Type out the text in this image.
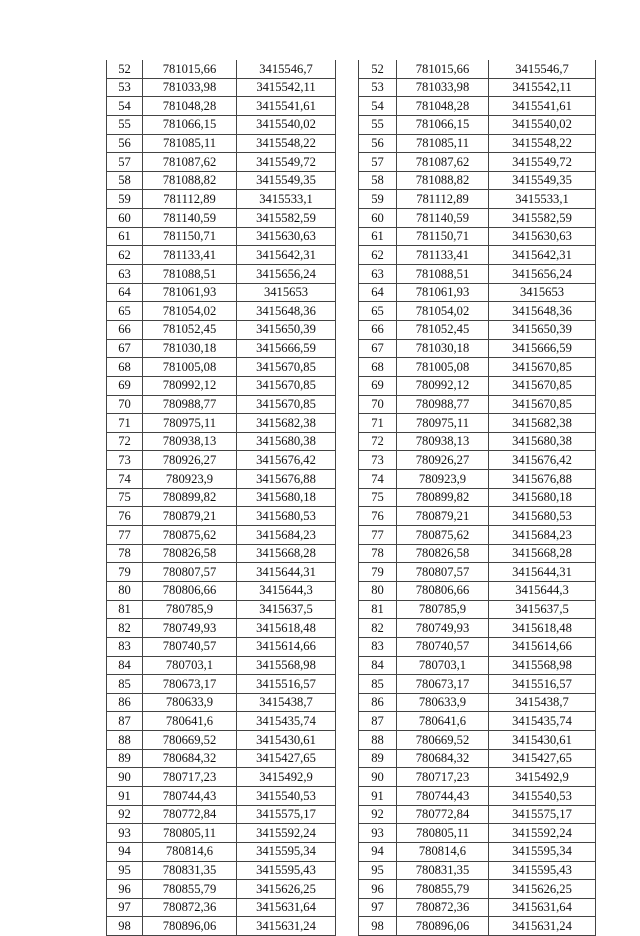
52	781015,66	3415546,7
53	781033,98	3415542,11
54	781048,28	3415541,61
55	781066,15	3415540,02
56	781085,11	3415548,22
57	781087,62	3415549,72
58	781088,82	3415549,35
59	781112,89	3415533,1
60	781140,59	3415582,59
61	781150,71	3415630,63
62	781133,41	3415642,31
63	781088,51	3415656,24
64	781061,93	3415653
65	781054,02	3415648,36
66	781052,45	3415650,39
67	781030,18	3415666,59
68	781005,08	3415670,85
69	780992,12	3415670,85
70	780988,77	3415670,85
71	780975,11	3415682,38
72	780938,13	3415680,38
73	780926,27	3415676,42
74	780923,9	3415676,88
75	780899,82	3415680,18
76	780879,21	3415680,53
77	780875,62	3415684,23
78	780826,58	3415668,28
79	780807,57	3415644,31
80	780806,66	3415644,3
81	780785,9	3415637,5
82	780749,93	3415618,48
83	780740,57	3415614,66
84	780703,1	3415568,98
85	780673,17	3415516,57
86	780633,9	3415438,7
87	780641,6	3415435,74
88	780669,52	3415430,61
89	780684,32	3415427,65
90	780717,23	3415492,9
91	780744,43	3415540,53
92	780772,84	3415575,17
93	780805,11	3415592,24
94	780814,6	3415595,34
95	780831,35	3415595,43
96	780855,79	3415626,25
97	780872,36	3415631,64
98	780896,06	3415631,24
52	781015,66	3415546,7
53	781033,98	3415542,11
54	781048,28	3415541,61
55	781066,15	3415540,02
56	781085,11	3415548,22
57	781087,62	3415549,72
58	781088,82	3415549,35
59	781112,89	3415533,1
60	781140,59	3415582,59
61	781150,71	3415630,63
62	781133,41	3415642,31
63	781088,51	3415656,24
64	781061,93	3415653
65	781054,02	3415648,36
66	781052,45	3415650,39
67	781030,18	3415666,59
68	781005,08	3415670,85
69	780992,12	3415670,85
70	780988,77	3415670,85
71	780975,11	3415682,38
72	780938,13	3415680,38
73	780926,27	3415676,42
74	780923,9	3415676,88
75	780899,82	3415680,18
76	780879,21	3415680,53
77	780875,62	3415684,23
78	780826,58	3415668,28
79	780807,57	3415644,31
80	780806,66	3415644,3
81	780785,9	3415637,5
82	780749,93	3415618,48
83	780740,57	3415614,66
84	780703,1	3415568,98
85	780673,17	3415516,57
86	780633,9	3415438,7
87	780641,6	3415435,74
88	780669,52	3415430,61
89	780684,32	3415427,65
90	780717,23	3415492,9
91	780744,43	3415540,53
92	780772,84	3415575,17
93	780805,11	3415592,24
94	780814,6	3415595,34
95	780831,35	3415595,43
96	780855,79	3415626,25
97	780872,36	3415631,64
98	780896,06	3415631,24
